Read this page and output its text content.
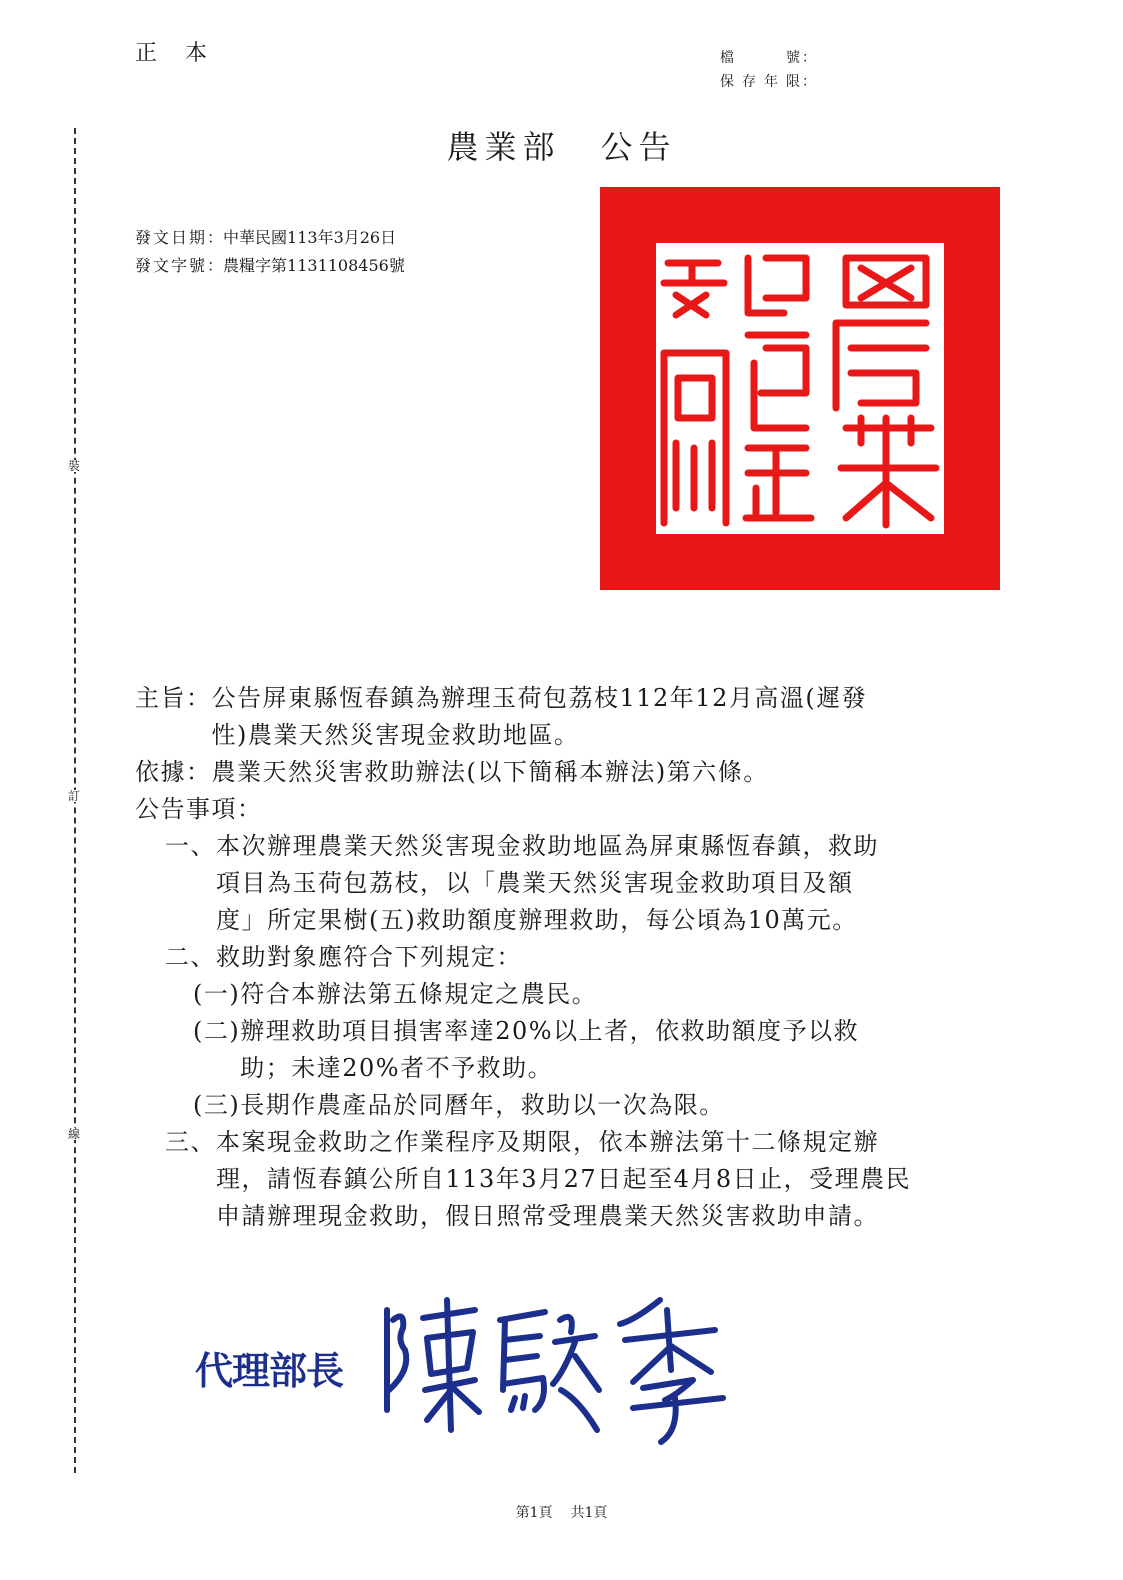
正本	檔號 ：
保存年限 ：
裝
訂
線
農業部 公告
發文日期 ： 中華民國113年3月26日
發文字號 ： 農糧字第1131108456號
主旨： 公告屏東縣恆春鎮為辦理玉荷包荔枝112年12月高溫(遲發
性)農業天然災害現金救助地區。
依據： 農業天然災害救助辦法(以下簡稱本辦法)第六條。
公告事項：
一、 本次辦理農業天然災害現金救助地區為屏東縣恆春鎮，救助
項目為玉荷包荔枝，以「農業天然災害現金救助項目及額
度」所定果樹(五)救助額度辦理救助，每公頃為10萬元。
二、 救助對象應符合下列規定：
(一) 符合本辦法第五條規定之農民。
(二) 辦理救助項目損害率達20%以上者，依救助額度予以救
助；未達20%者不予救助。
(三) 長期作農產品於同曆年，救助以一次為限。
三、 本案現金救助之作業程序及期限，依本辦法第十二條規定辦
理，請恆春鎮公所自113年3月27日起至4月8日止，受理農民
申請辦理現金救助，假日照常受理農業天然災害救助申請。
代理部長
第1頁 共1頁
